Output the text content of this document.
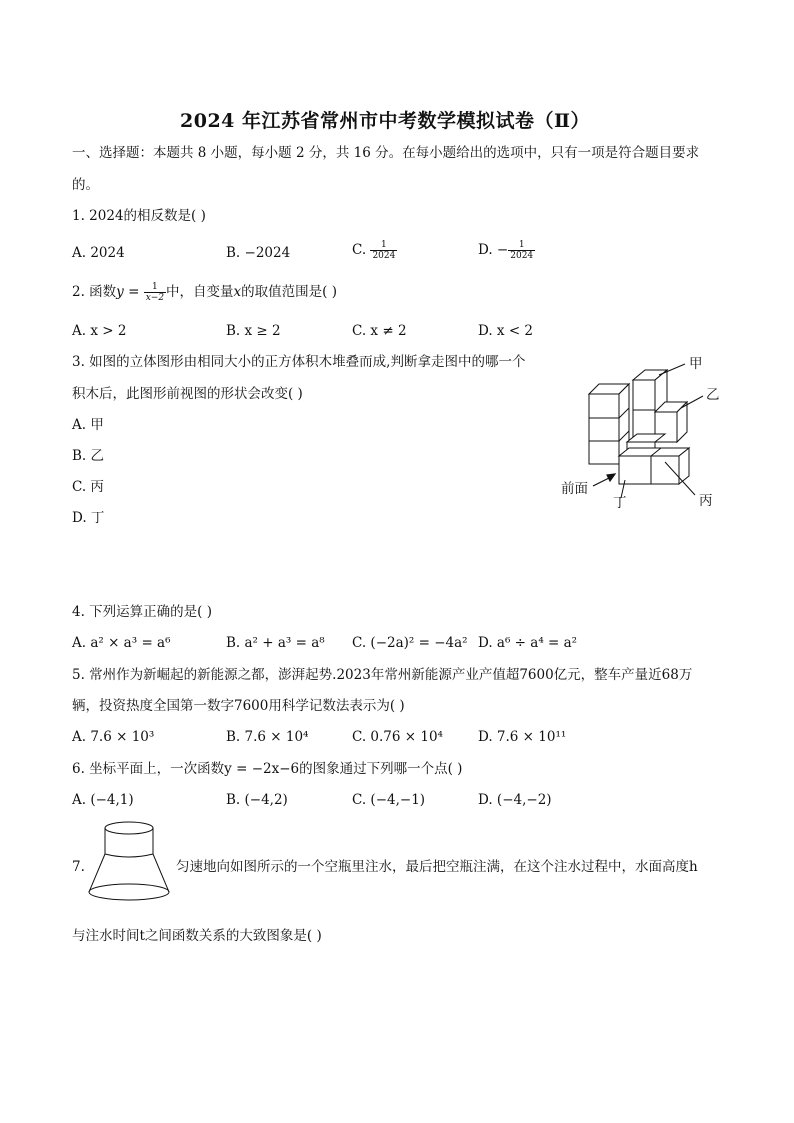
2024 年江苏省常州市中考数学模拟试卷（Ⅱ）
一、选择题：本题共 8 小题，每小题 2 分，共 16 分。在每小题给出的选项中，只有一项是符合题目要求
的。
1. 2024的相反数是( )
A. 2024	B. −2024	C. $\frac{1}{2024}$	D. − $\frac{1}{2024}$
2. 函数$y = \frac{1}{x-2}$ 中，自变量x的取值范围是( )
A. x > 2	B. x ≥ 2	C. x ≠ 2	D. x < 2
3. 如图的立体图形由相同大小的正方体积木堆叠而成,判断拿走图中的哪一个
积木后，此图形前视图的形状会改变( )
A. 甲
B. 乙
C. 丙
D. 丁
甲
乙
丙
丁
前面
4. 下列运算正确的是( )
A. a² × a³ = a⁶	B. a² + a³ = a⁸ C. (−2a)² = −4a² D. a⁶ ÷ a⁴ = a²
5. 常州作为新崛起的新能源之都，澎湃起势.2023年常州新能源产业产值超7600亿元，整车产量近68万
辆，投资热度全国第一数字7600用科学记数法表示为( )
A. 7.6 × 10³	B. 7.6 × 10⁴	C. 0.76 × 10⁴	D. 7.6 × 10¹¹
6. 坐标平面上，一次函数y = −2x−6的图象通过下列哪一个点( )
A. (−4,1)	B. (−4,2)	C. (−4,−1)	D. (−4,−2)
7.	匀速地向如图所示的一个空瓶里注水，最后把空瓶注满，在这个注水过程中，水面高度h
与注水时间t之间函数关系的大致图象是( )
